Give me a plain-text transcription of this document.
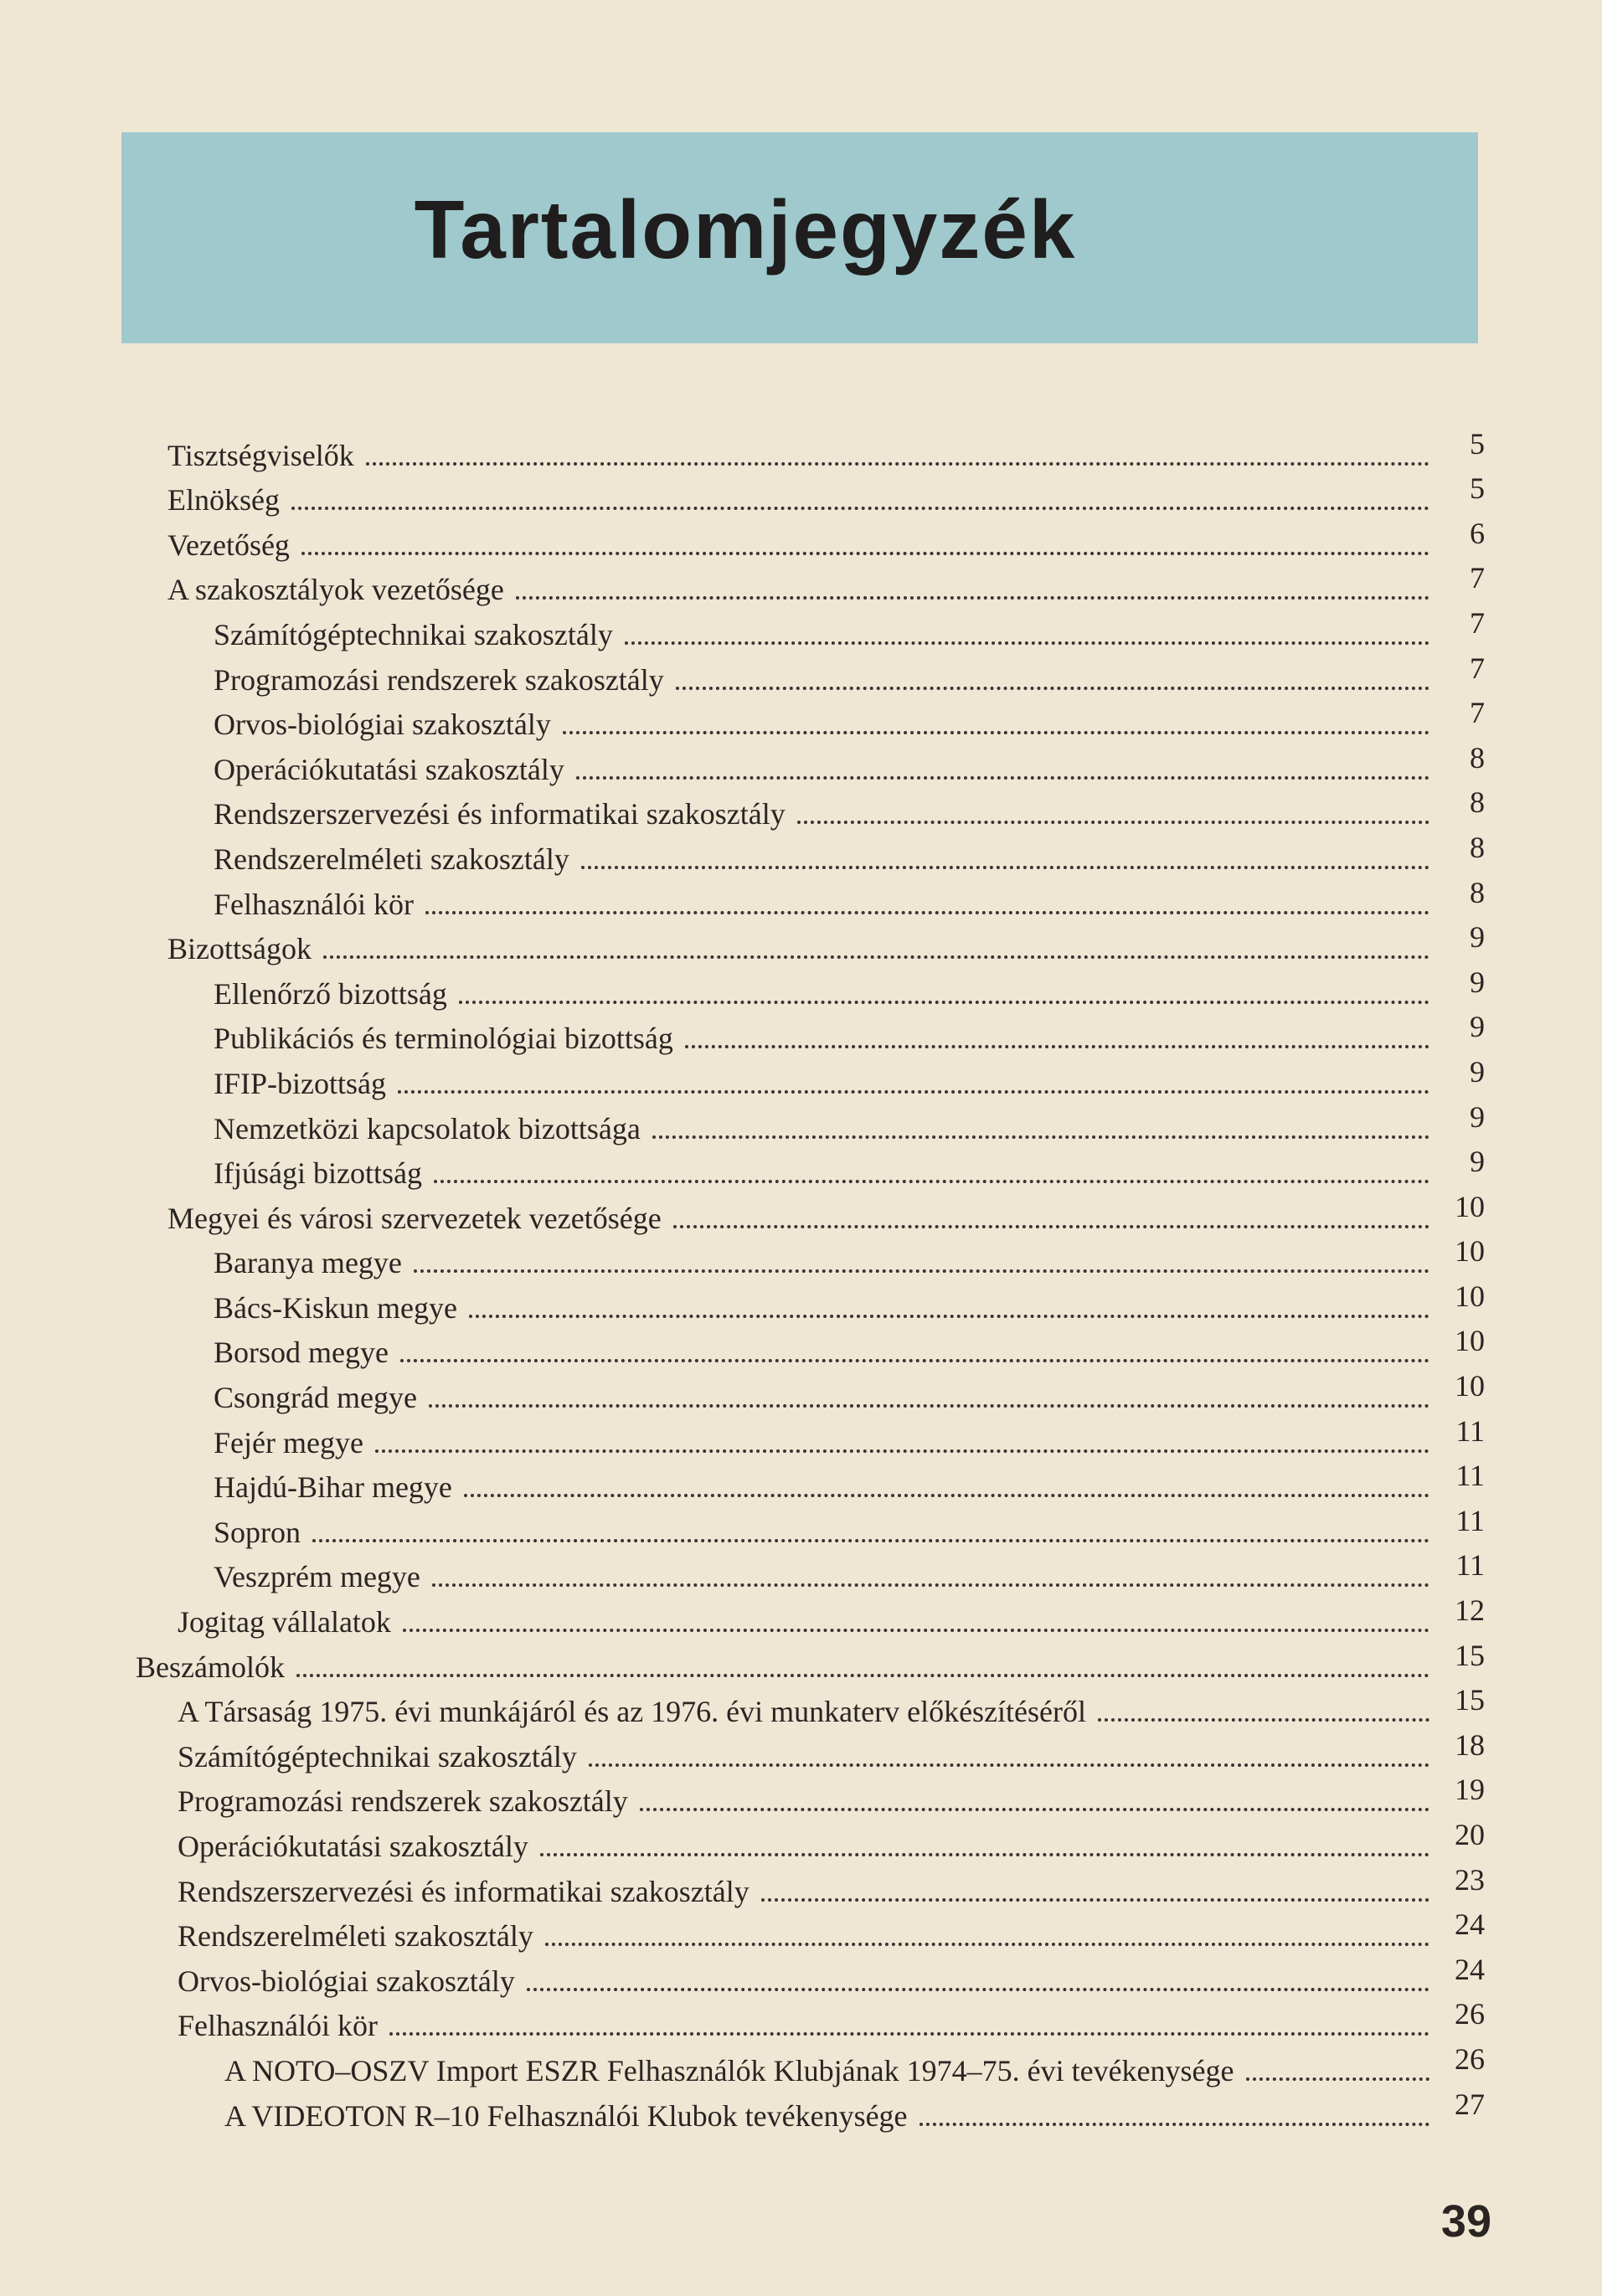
Tartalomjegyzék
Tisztségviselők	5
Elnökség	5
Vezetőség	6
A szakosztályok vezetősége	7
Számítógéptechnikai szakosztály	7
Programozási rendszerek szakosztály	7
Orvos-biológiai szakosztály	7
Operációkutatási szakosztály	8
Rendszerszervezési és informatikai szakosztály	8
Rendszerelméleti szakosztály	8
Felhasználói kör	8
Bizottságok	9
Ellenőrző bizottság	9
Publikációs és terminológiai bizottság	9
IFIP-bizottság	9
Nemzetközi kapcsolatok bizottsága	9
Ifjúsági bizottság	9
Megyei és városi szervezetek vezetősége	10
Baranya megye	10
Bács-Kiskun megye	10
Borsod megye	10
Csongrád megye	10
Fejér megye	11
Hajdú-Bihar megye	11
Sopron	11
Veszprém megye	11
Jogitag vállalatok	12
Beszámolók	15
A Társaság 1975. évi munkájáról és az 1976. évi munkaterv előkészítéséről	15
Számítógéptechnikai szakosztály	18
Programozási rendszerek szakosztály	19
Operációkutatási szakosztály	20
Rendszerszervezési és informatikai szakosztály	23
Rendszerelméleti szakosztály	24
Orvos-biológiai szakosztály	24
Felhasználói kör	26
A NOTO–OSZV Import ESZR Felhasználók Klubjának 1974–75. évi tevékenysége	26
A VIDEOTON R–10 Felhasználói Klubok tevékenysége	27
39
